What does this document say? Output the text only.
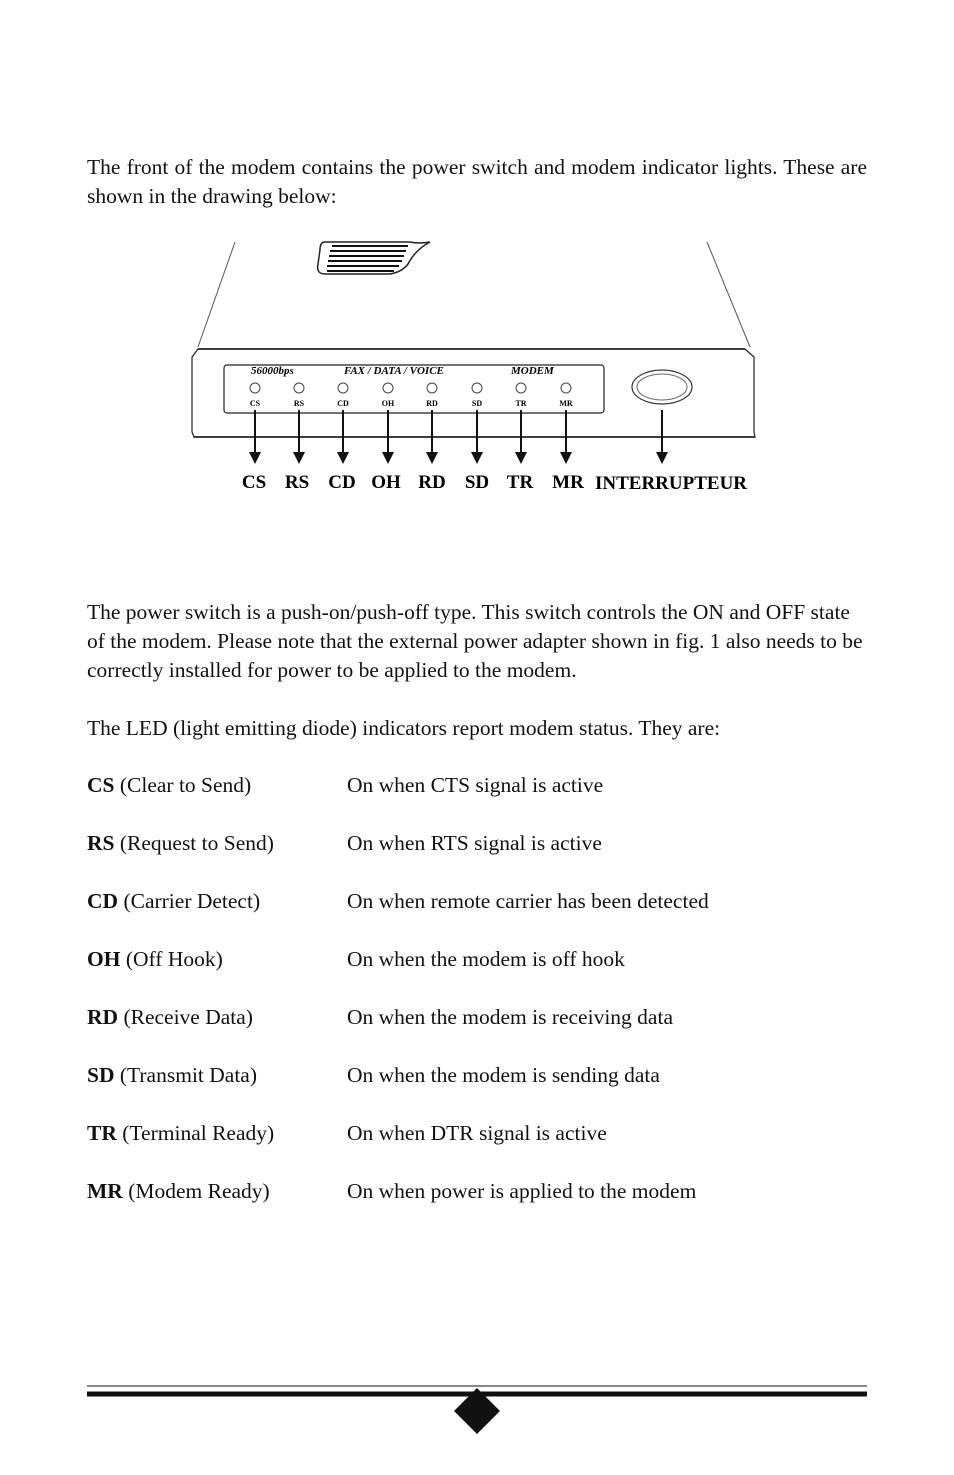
The front of the modem contains the power switch and modem indicator lights. These are shown in the drawing below:

56000bps	FAX / DATA / VOICE	MODEM
CS	RS	CD	OH	RD	SD	TR	MR
CS RS CD OH RD SD TR MR INTERRUPTEUR

The power switch is a push-on/push-off type. This switch controls the ON and OFF state of the modem. Please note that the external power adapter shown in fig. 1 also needs to be correctly installed for power to be applied to the modem.

The LED (light emitting diode) indicators report modem status. They are:

CS (Clear to Send)	On when CTS signal is active
RS (Request to Send)	On when RTS signal is active
CD (Carrier Detect)	On when remote carrier has been detected
OH (Off Hook)	On when the modem is off hook
RD (Receive Data)	On when the modem is receiving data
SD (Transmit Data)	On when the modem is sending data
TR (Terminal Ready)	On when DTR signal is active
MR (Modem Ready)	On when power is applied to the modem
